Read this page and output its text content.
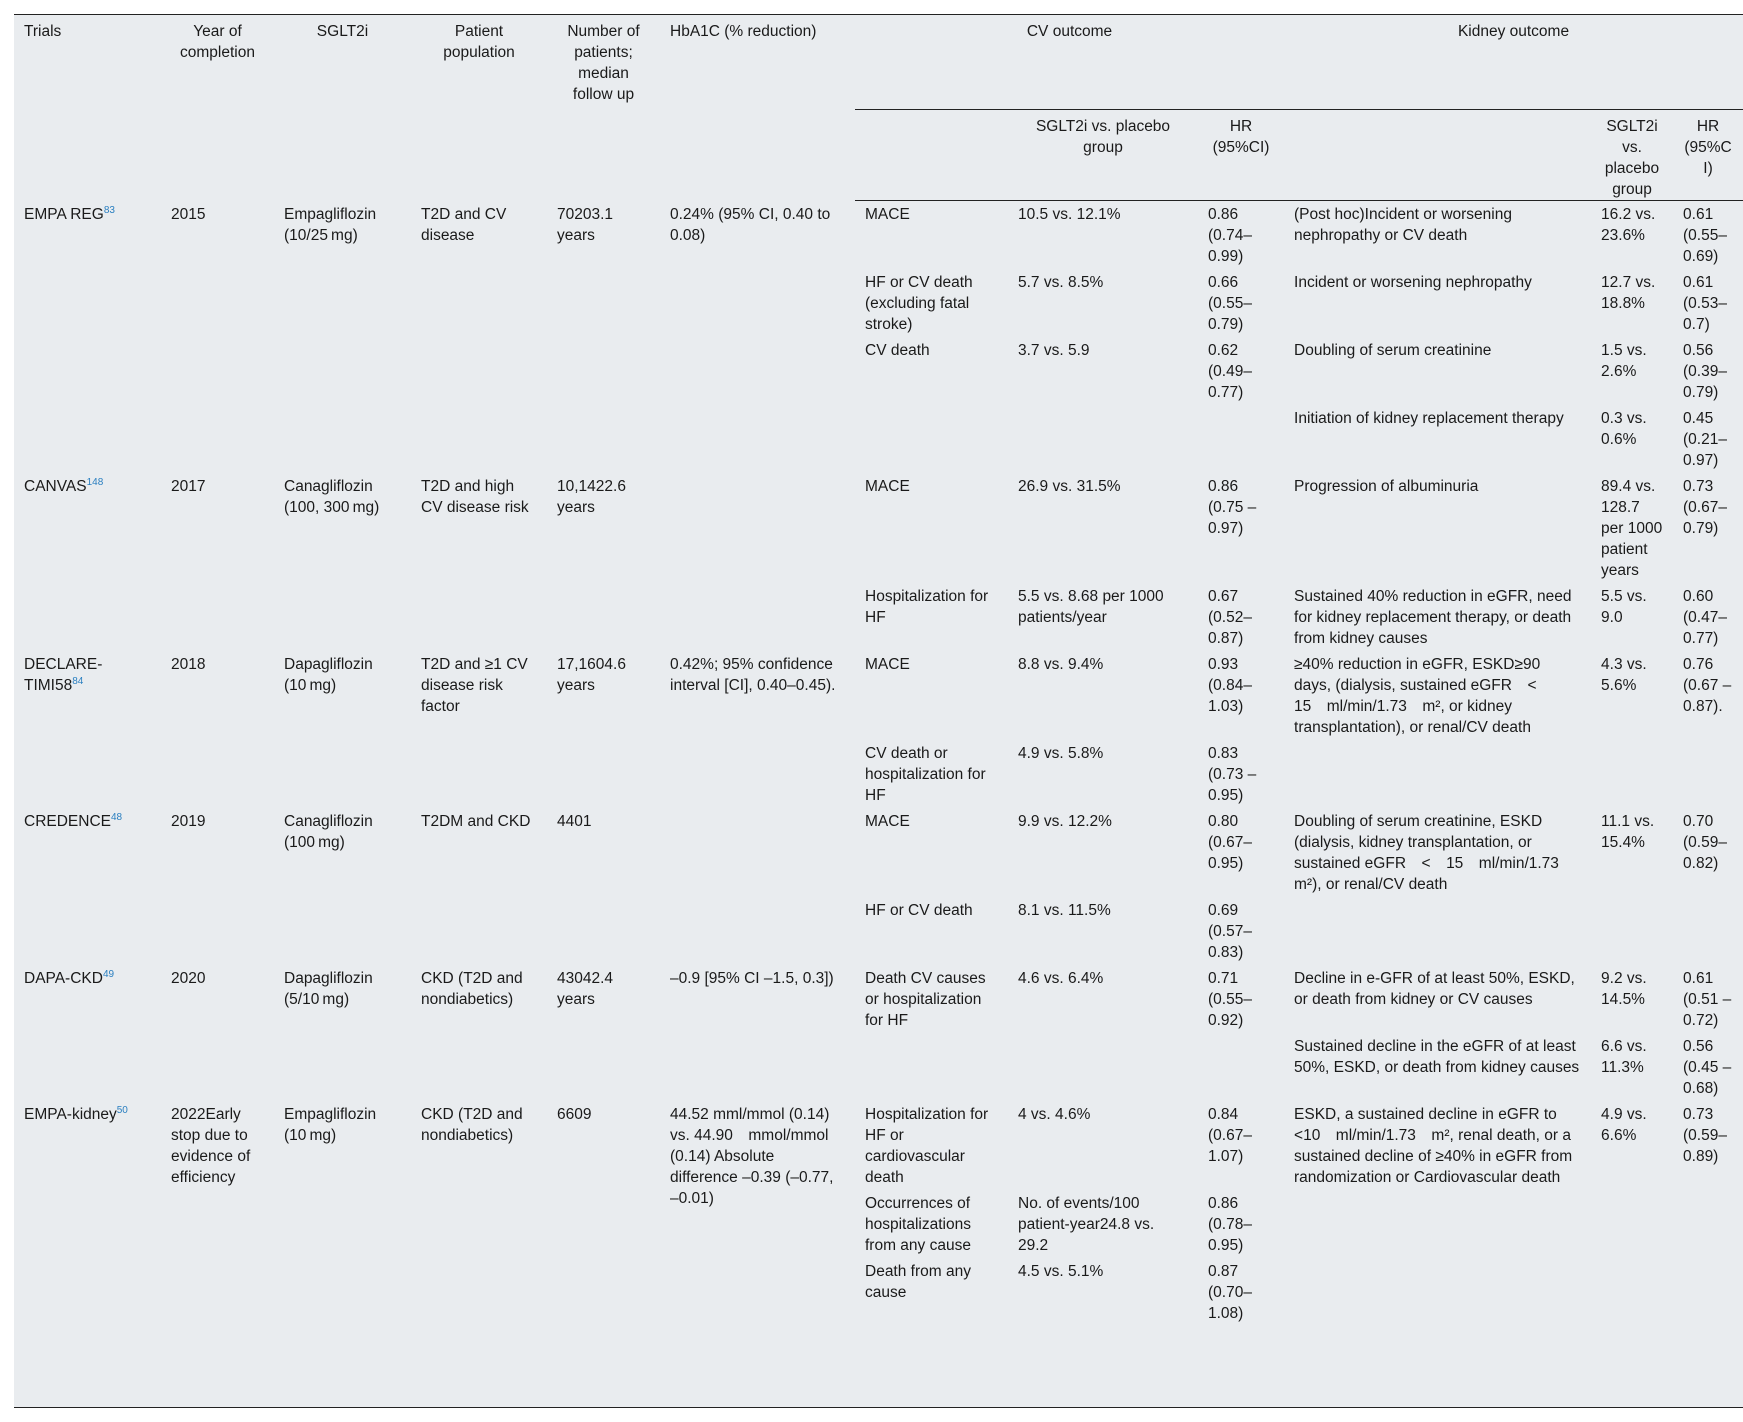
Trials	Year of completion	SGLT2i	Patient population	Number of patients; median follow up	HbA1C (% reduction)	CV outcome			Kidney outcome		
							SGLT2i vs. placebo group	HR (95%CI)		SGLT2i vs. placebo group	HR (95%CI)
EMPA REG$^{83}$	2015	Empagliflozin (10/25 mg)	T2D and CV disease	70203.1 years	0.24% (95% CI, 0.40 to 0.08)	MACE	10.5 vs. 12.1%	0.86 (0.74–0.99)	(Post hoc)Incident or worsening nephropathy or CV death	16.2 vs. 23.6%	0.61 (0.55–0.69)
						HF or CV death (excluding fatal stroke)	5.7 vs. 8.5%	0.66 (0.55–0.79)	Incident or worsening nephropathy	12.7 vs. 18.8%	0.61 (0.53–0.7)
						CV death	3.7 vs. 5.9	0.62 (0.49–0.77)	Doubling of serum creatinine	1.5 vs. 2.6%	0.56 (0.39–0.79)
									Initiation of kidney replacement therapy	0.3 vs. 0.6%	0.45 (0.21–0.97)
CANVAS$^{148}$	2017	Canagliflozin (100, 300 mg)	T2D and high CV disease risk	10,1422.6 years		MACE	26.9 vs. 31.5%	0.86 (0.75 – 0.97)	Progression of albuminuria	89.4 vs. 128.7 per 1000 patient years	0.73 (0.67–0.79)
						Hospitalization for HF	5.5 vs. 8.68 per 1000 patients/year	0.67 (0.52–0.87)	Sustained 40% reduction in eGFR, need for kidney replacement therapy, or death from kidney causes	5.5 vs. 9.0	0.60 (0.47–0.77)
DECLARE-$TIMI58^{84}$	2018	Dapagliflozin (10 mg)	T2D and ≥1 CV disease risk factor	17,1604.6 years	0.42%; 95% confidence interval [CI], 0.40–0.45).	MACE	8.8 vs. 9.4%	0.93 (0.84–1.03)	≥40% reduction in eGFR, ESKD≥90 days, (dialysis, sustained eGFR < 15 ml/min/1.73 m², or kidney transplantation), or renal/CV death	4.3 vs. 5.6%	0.76 (0.67 – 0.87).
						CV death or hospitalization for HF	4.9 vs. 5.8%	0.83 (0.73 – 0.95)			
CREDENCE$^{48}$	2019	Canagliflozin (100 mg)	T2DM and CKD	4401		MACE	9.9 vs. 12.2%	0.80 (0.67–0.95)	Doubling of serum creatinine, ESKD (dialysis, kidney transplantation, or sustained eGFR < 15 ml/min/1.73 m²), or renal/CV death	11.1 vs. 15.4%	0.70 (0.59–0.82)
						HF or CV death	8.1 vs. 11.5%	0.69 (0.57–0.83)			
DAPA-CKD$^{49}$	2020	Dapagliflozin (5/10 mg)	CKD (T2D and nondiabetics)	43042.4 years	–0.9 [95% CI –1.5, 0.3])	Death CV causes or hospitalization for HF	4.6 vs. 6.4%	0.71 (0.55–0.92)	Decline in e-GFR of at least 50%, ESKD, or death from kidney or CV causes	9.2 vs. 14.5%	0.61 (0.51 – 0.72)
									Sustained decline in the eGFR of at least 50%, ESKD, or death from kidney causes	6.6 vs. 11.3%	0.56 (0.45 – 0.68)
EMPA-kidney$^{50}$	2022Early stop due to evidence of efficiency	Empagliflozin (10 mg)	CKD (T2D and nondiabetics)	6609	44.52 mml/mmol (0.14) vs. 44.90 mmol/mmol (0.14) Absolute difference –0.39 (–0.77, –0.01)	Hospitalization for HF or cardiovascular death	4 vs. 4.6%	0.84 (0.67–1.07)	ESKD, a sustained decline in eGFR to <10 ml/min/1.73 m², renal death, or a sustained decline of ≥40% in eGFR from randomization or Cardiovascular death	4.9 vs. 6.6%	0.73 (0.59–0.89)
						Occurrences of hospitalizations from any cause	No. of events/100 patient-year24.8 vs. 29.2	0.86 (0.78–0.95)			
						Death from any cause	4.5 vs. 5.1%	0.87 (0.70–1.08)			
